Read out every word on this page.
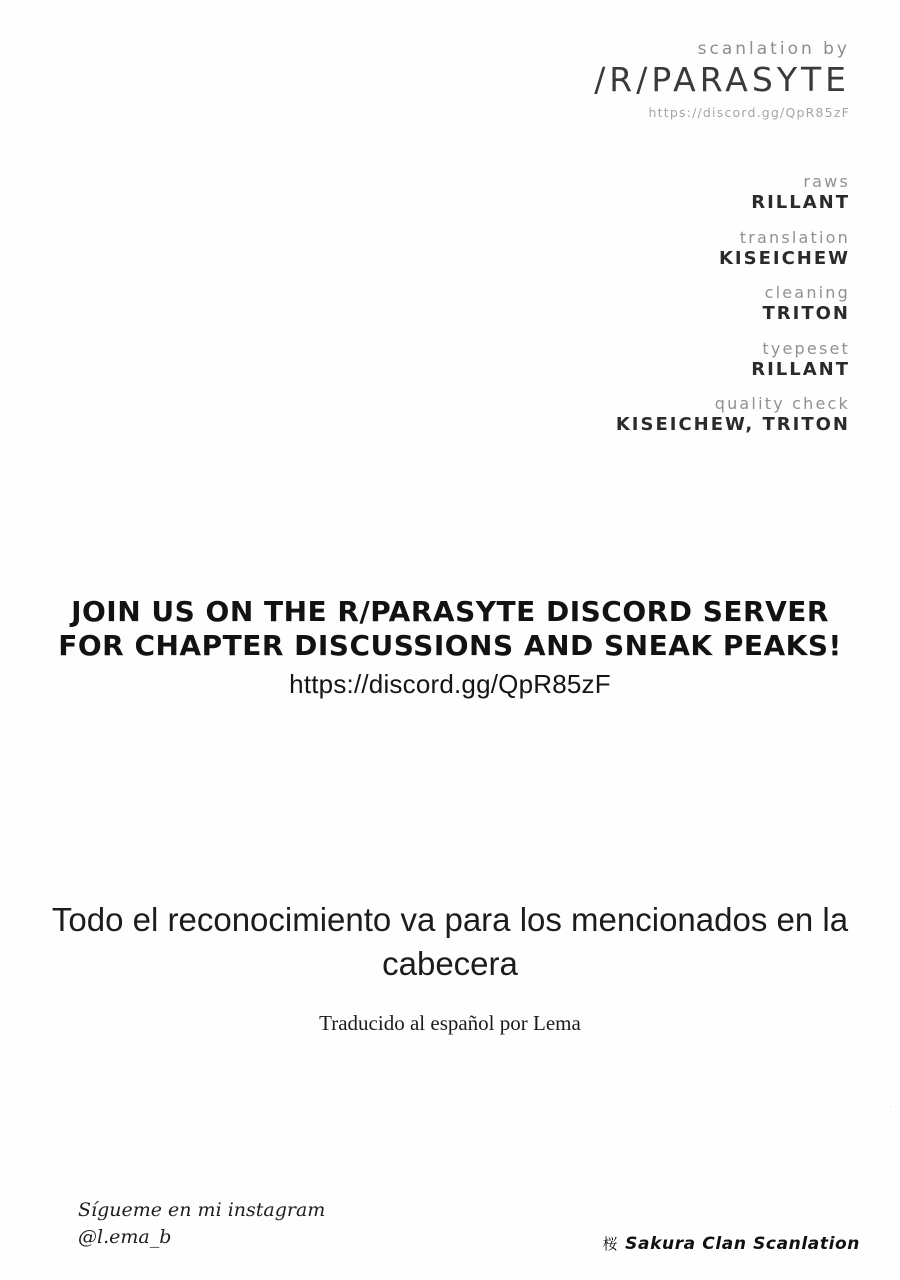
scanlation by
/R/PARASYTE
https://discord.gg/QpR85zF
raws
RILLANT
translation
KISEICHEW
cleaning
TRITON
tyepeset
RILLANT
quality check
KISEICHEW, TRITON
JOIN US ON THE R/PARASYTE DISCORD SERVER
FOR CHAPTER DISCUSSIONS AND SNEAK PEAKS!
https://discord.gg/QpR85zF
Todo el reconocimiento va para los mencionados en la cabecera
Traducido al español por Lema
.
Sígueme en mi instagram
@l.ema_b	桜 Sakura Clan Scanlation
